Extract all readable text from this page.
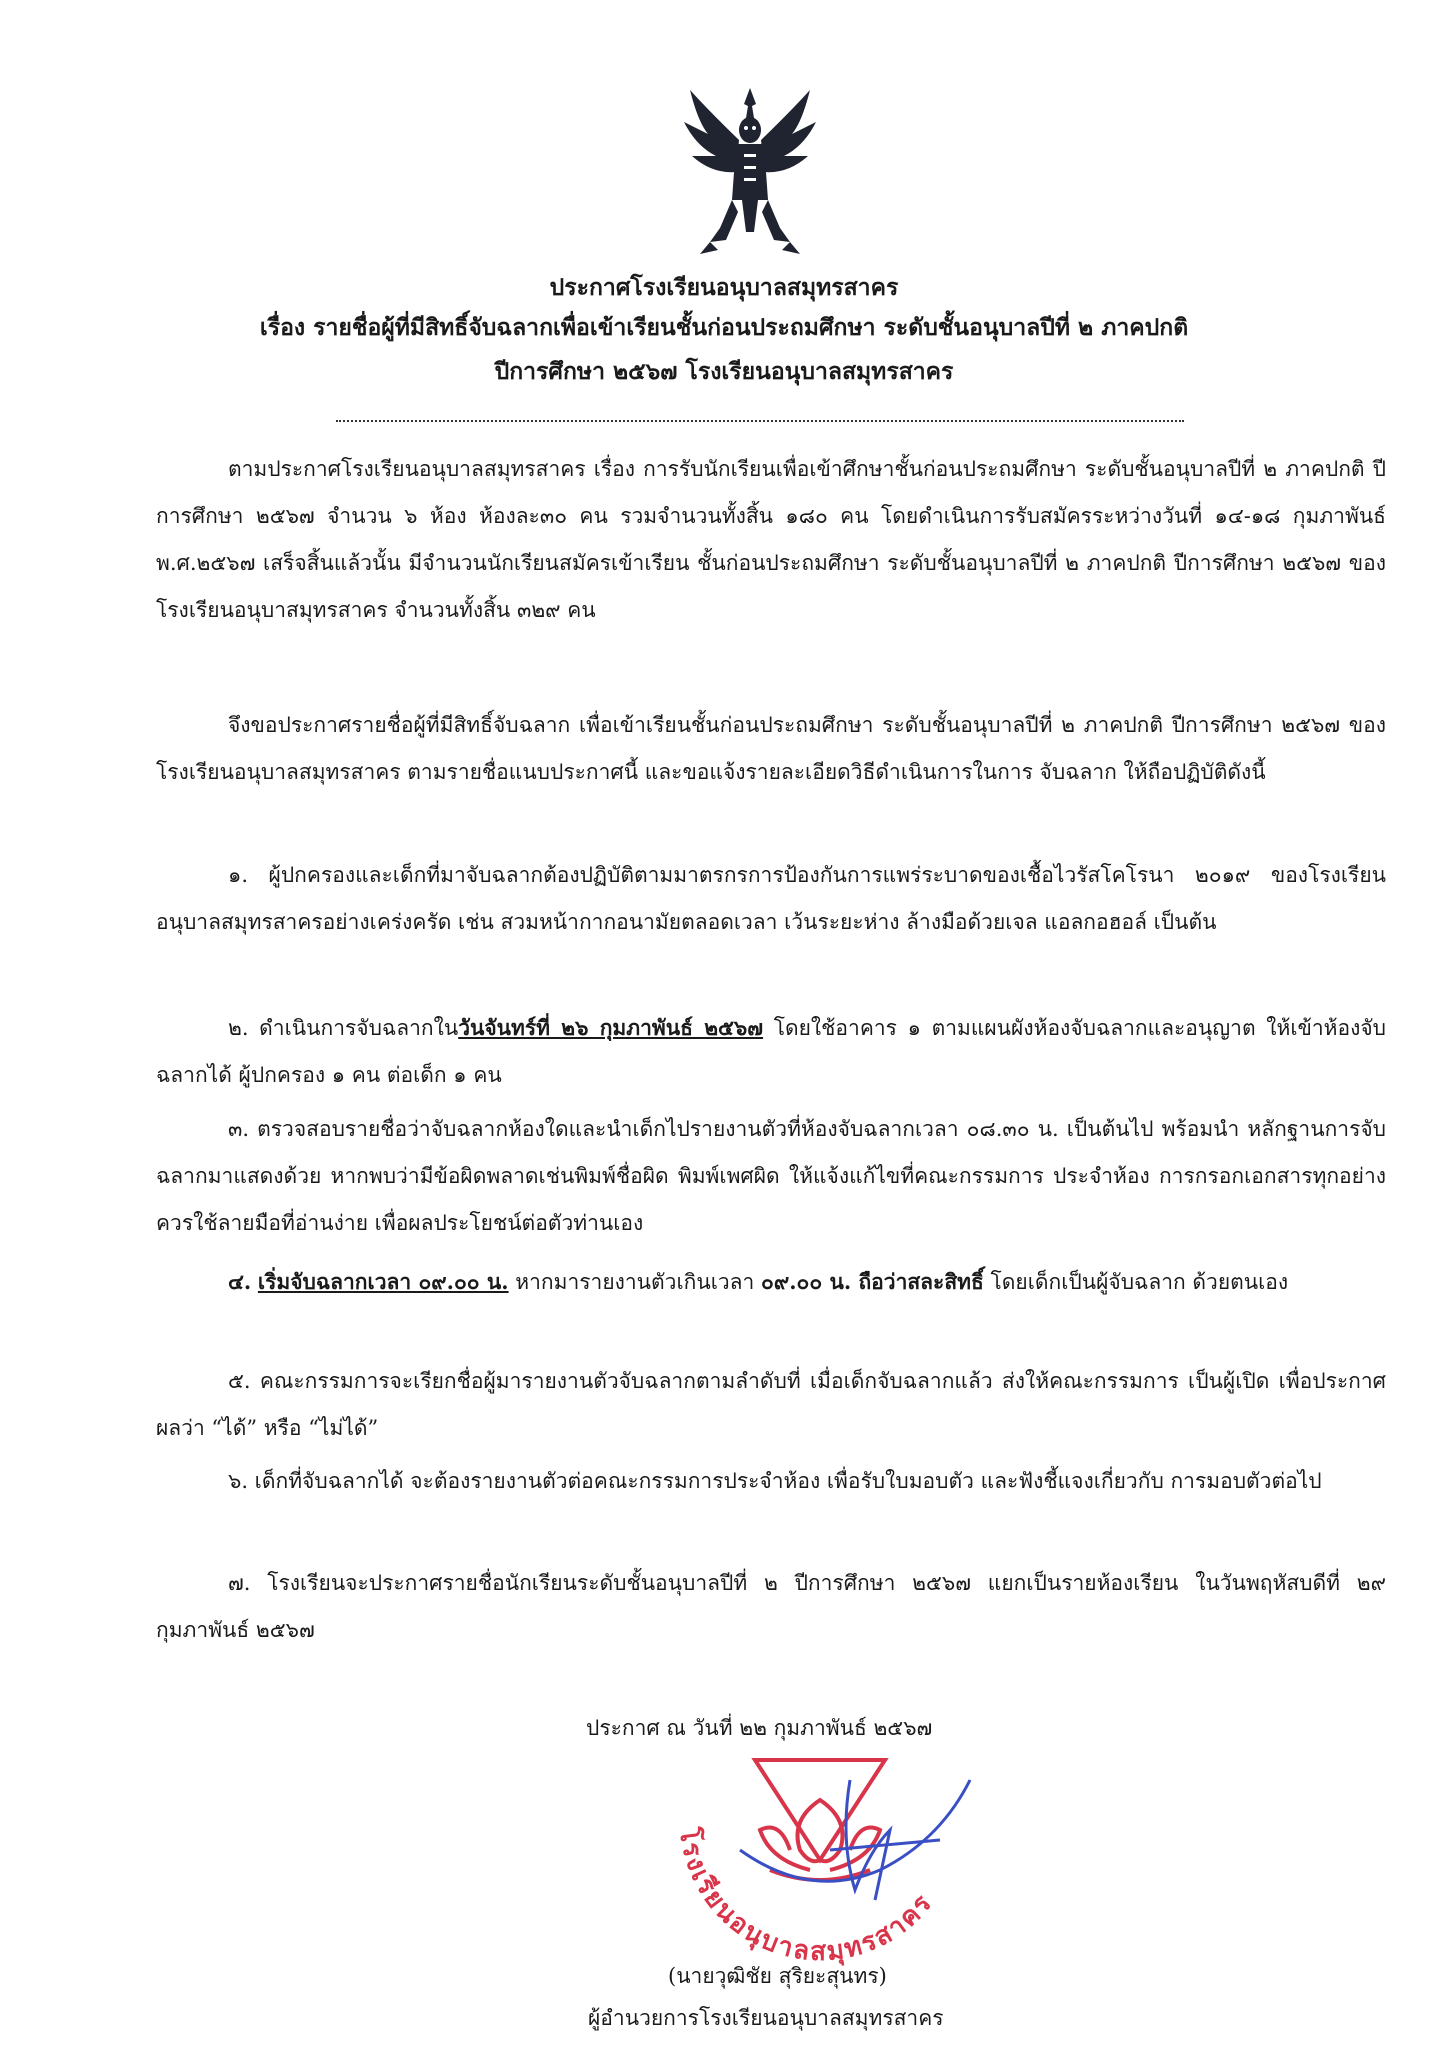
ประกาศโรงเรียนอนุบาลสมุทรสาคร
เรื่อง รายชื่อผู้ที่มีสิทธิ์จับฉลากเพื่อเข้าเรียนชั้นก่อนประถมศึกษา ระดับชั้นอนุบาลปีที่ ๒ ภาคปกติ
ปีการศึกษา ๒๕๖๗ โรงเรียนอนุบาลสมุทรสาคร
ตามประกาศโรงเรียนอนุบาลสมุทรสาคร เรื่อง การรับนักเรียนเพื่อเข้าศึกษาชั้นก่อนประถมศึกษา ระดับชั้นอนุบาลปีที่ ๒ ภาคปกติ ปีการศึกษา ๒๕๖๗ จำนวน ๖ ห้อง ห้องละ๓๐ คน รวมจำนวนทั้งสิ้น ๑๘๐ คน โดยดำเนินการรับสมัครระหว่างวันที่ ๑๔-๑๘ กุมภาพันธ์ พ.ศ.๒๕๖๗ เสร็จสิ้นแล้วนั้น มีจำนวนนักเรียนสมัครเข้าเรียน ชั้นก่อนประถมศึกษา ระดับชั้นอนุบาลปีที่ ๒ ภาคปกติ ปีการศึกษา ๒๕๖๗ ของโรงเรียนอนุบาสมุทรสาคร จำนวนทั้งสิ้น ๓๒๙ คน
จึงขอประกาศรายชื่อผู้ที่มีสิทธิ์จับฉลาก เพื่อเข้าเรียนชั้นก่อนประถมศึกษา ระดับชั้นอนุบาลปีที่ ๒ ภาคปกติ ปีการศึกษา ๒๕๖๗ ของโรงเรียนอนุบาลสมุทรสาคร ตามรายชื่อแนบประกาศนี้ และขอแจ้งรายละเอียดวิธีดำเนินการในการ จับฉลาก ให้ถือปฏิบัติดังนี้
๑. ผู้ปกครองและเด็กที่มาจับฉลากต้องปฏิบัติตามมาตรกรการป้องกันการแพร่ระบาดของเชื้อไวรัสโคโรนา ๒๐๑๙ ของโรงเรียนอนุบาลสมุทรสาครอย่างเคร่งครัด เช่น สวมหน้ากากอนามัยตลอดเวลา เว้นระยะห่าง ล้างมือด้วยเจล แอลกอฮอล์ เป็นต้น
๒. ดำเนินการจับฉลากในวันจันทร์ที่ ๒๖ กุมภาพันธ์ ๒๕๖๗ โดยใช้อาคาร ๑ ตามแผนผังห้องจับฉลากและอนุญาต ให้เข้าห้องจับฉลากได้ ผู้ปกครอง ๑ คน ต่อเด็ก ๑ คน
๓. ตรวจสอบรายชื่อว่าจับฉลากห้องใดและนำเด็กไปรายงานตัวที่ห้องจับฉลากเวลา ๐๘.๓๐ น. เป็นต้นไป พร้อมนำ หลักฐานการจับฉลากมาแสดงด้วย หากพบว่ามีข้อผิดพลาดเช่นพิมพ์ชื่อผิด พิมพ์เพศผิด ให้แจ้งแก้ไขที่คณะกรรมการ ประจำห้อง การกรอกเอกสารทุกอย่างควรใช้ลายมือที่อ่านง่าย เพื่อผลประโยชน์ต่อตัวท่านเอง
๔. เริ่มจับฉลากเวลา ๐๙.๐๐ น. หากมารายงานตัวเกินเวลา ๐๙.๐๐ น. ถือว่าสละสิทธิ์ โดยเด็กเป็นผู้จับฉลาก ด้วยตนเอง
๕. คณะกรรมการจะเรียกชื่อผู้มารายงานตัวจับฉลากตามลำดับที่ เมื่อเด็กจับฉลากแล้ว ส่งให้คณะกรรมการ เป็นผู้เปิด เพื่อประกาศผลว่า “ได้” หรือ “ไม่ได้”
๖. เด็กที่จับฉลากได้ จะต้องรายงานตัวต่อคณะกรรมการประจำห้อง เพื่อรับใบมอบตัว และฟังชี้แจงเกี่ยวกับ การมอบตัวต่อไป
๗. โรงเรียนจะประกาศรายชื่อนักเรียนระดับชั้นอนุบาลปีที่ ๒ ปีการศึกษา ๒๕๖๗ แยกเป็นรายห้องเรียน ในวันพฤหัสบดีที่ ๒๙ กุมภาพันธ์ ๒๕๖๗
ประกาศ ณ วันที่ ๒๒ กุมภาพันธ์ ๒๕๖๗
โรงเรียนอนุบาลสมุทรสาคร
(นายวุฒิชัย สุริยะสุนทร)
ผู้อำนวยการโรงเรียนอนุบาลสมุทรสาคร
